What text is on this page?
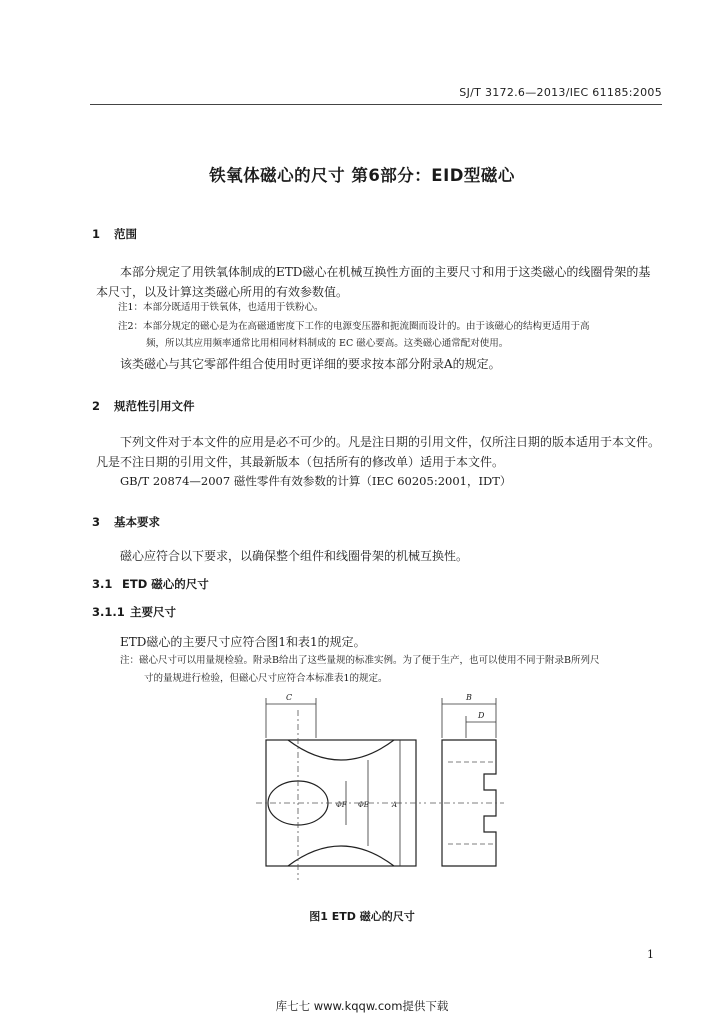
SJ/T 3172.6—2013/IEC 61185:2005
铁氧体磁心的尺寸 第6部分：EID型磁心
1 范围
本部分规定了用铁氧体制成的ETD磁心在机械互换性方面的主要尺寸和用于这类磁心的线圈骨架的基本尺寸，以及计算这类磁心所用的有效参数值。
注1：本部分既适用于铁氧体，也适用于铁粉心。
注2：本部分规定的磁心是为在高磁通密度下工作的电源变压器和扼流圈而设计的。由于该磁心的结构更适用于高
频，所以其应用频率通常比用相同材料制成的 EC 磁心要高。这类磁心通常配对使用。
该类磁心与其它零部件组合使用时更详细的要求按本部分附录A的规定。
2 规范性引用文件
下列文件对于本文件的应用是必不可少的。凡是注日期的引用文件，仅所注日期的版本适用于本文件。凡是不注日期的引用文件，其最新版本（包括所有的修改单）适用于本文件。
GB/T 20874—2007 磁性零件有效参数的计算（IEC 60205:2001，IDT）
3 基本要求
磁心应符合以下要求，以确保整个组件和线圈骨架的机械互换性。
3.1 ETD 磁心的尺寸
3.1.1 主要尺寸
ETD磁心的主要尺寸应符合图1和表1的规定。
注：磁心尺寸可以用量规检验。附录B给出了这些量规的标准实例。为了便于生产，也可以使用不同于附录B所列尺
寸的量规进行检验，但磁心尺寸应符合本标准表1的规定。
C
ΦF ΦE	A
B
D
图1 ETD 磁心的尺寸
1
库七七 www.kqqw.com提供下载
